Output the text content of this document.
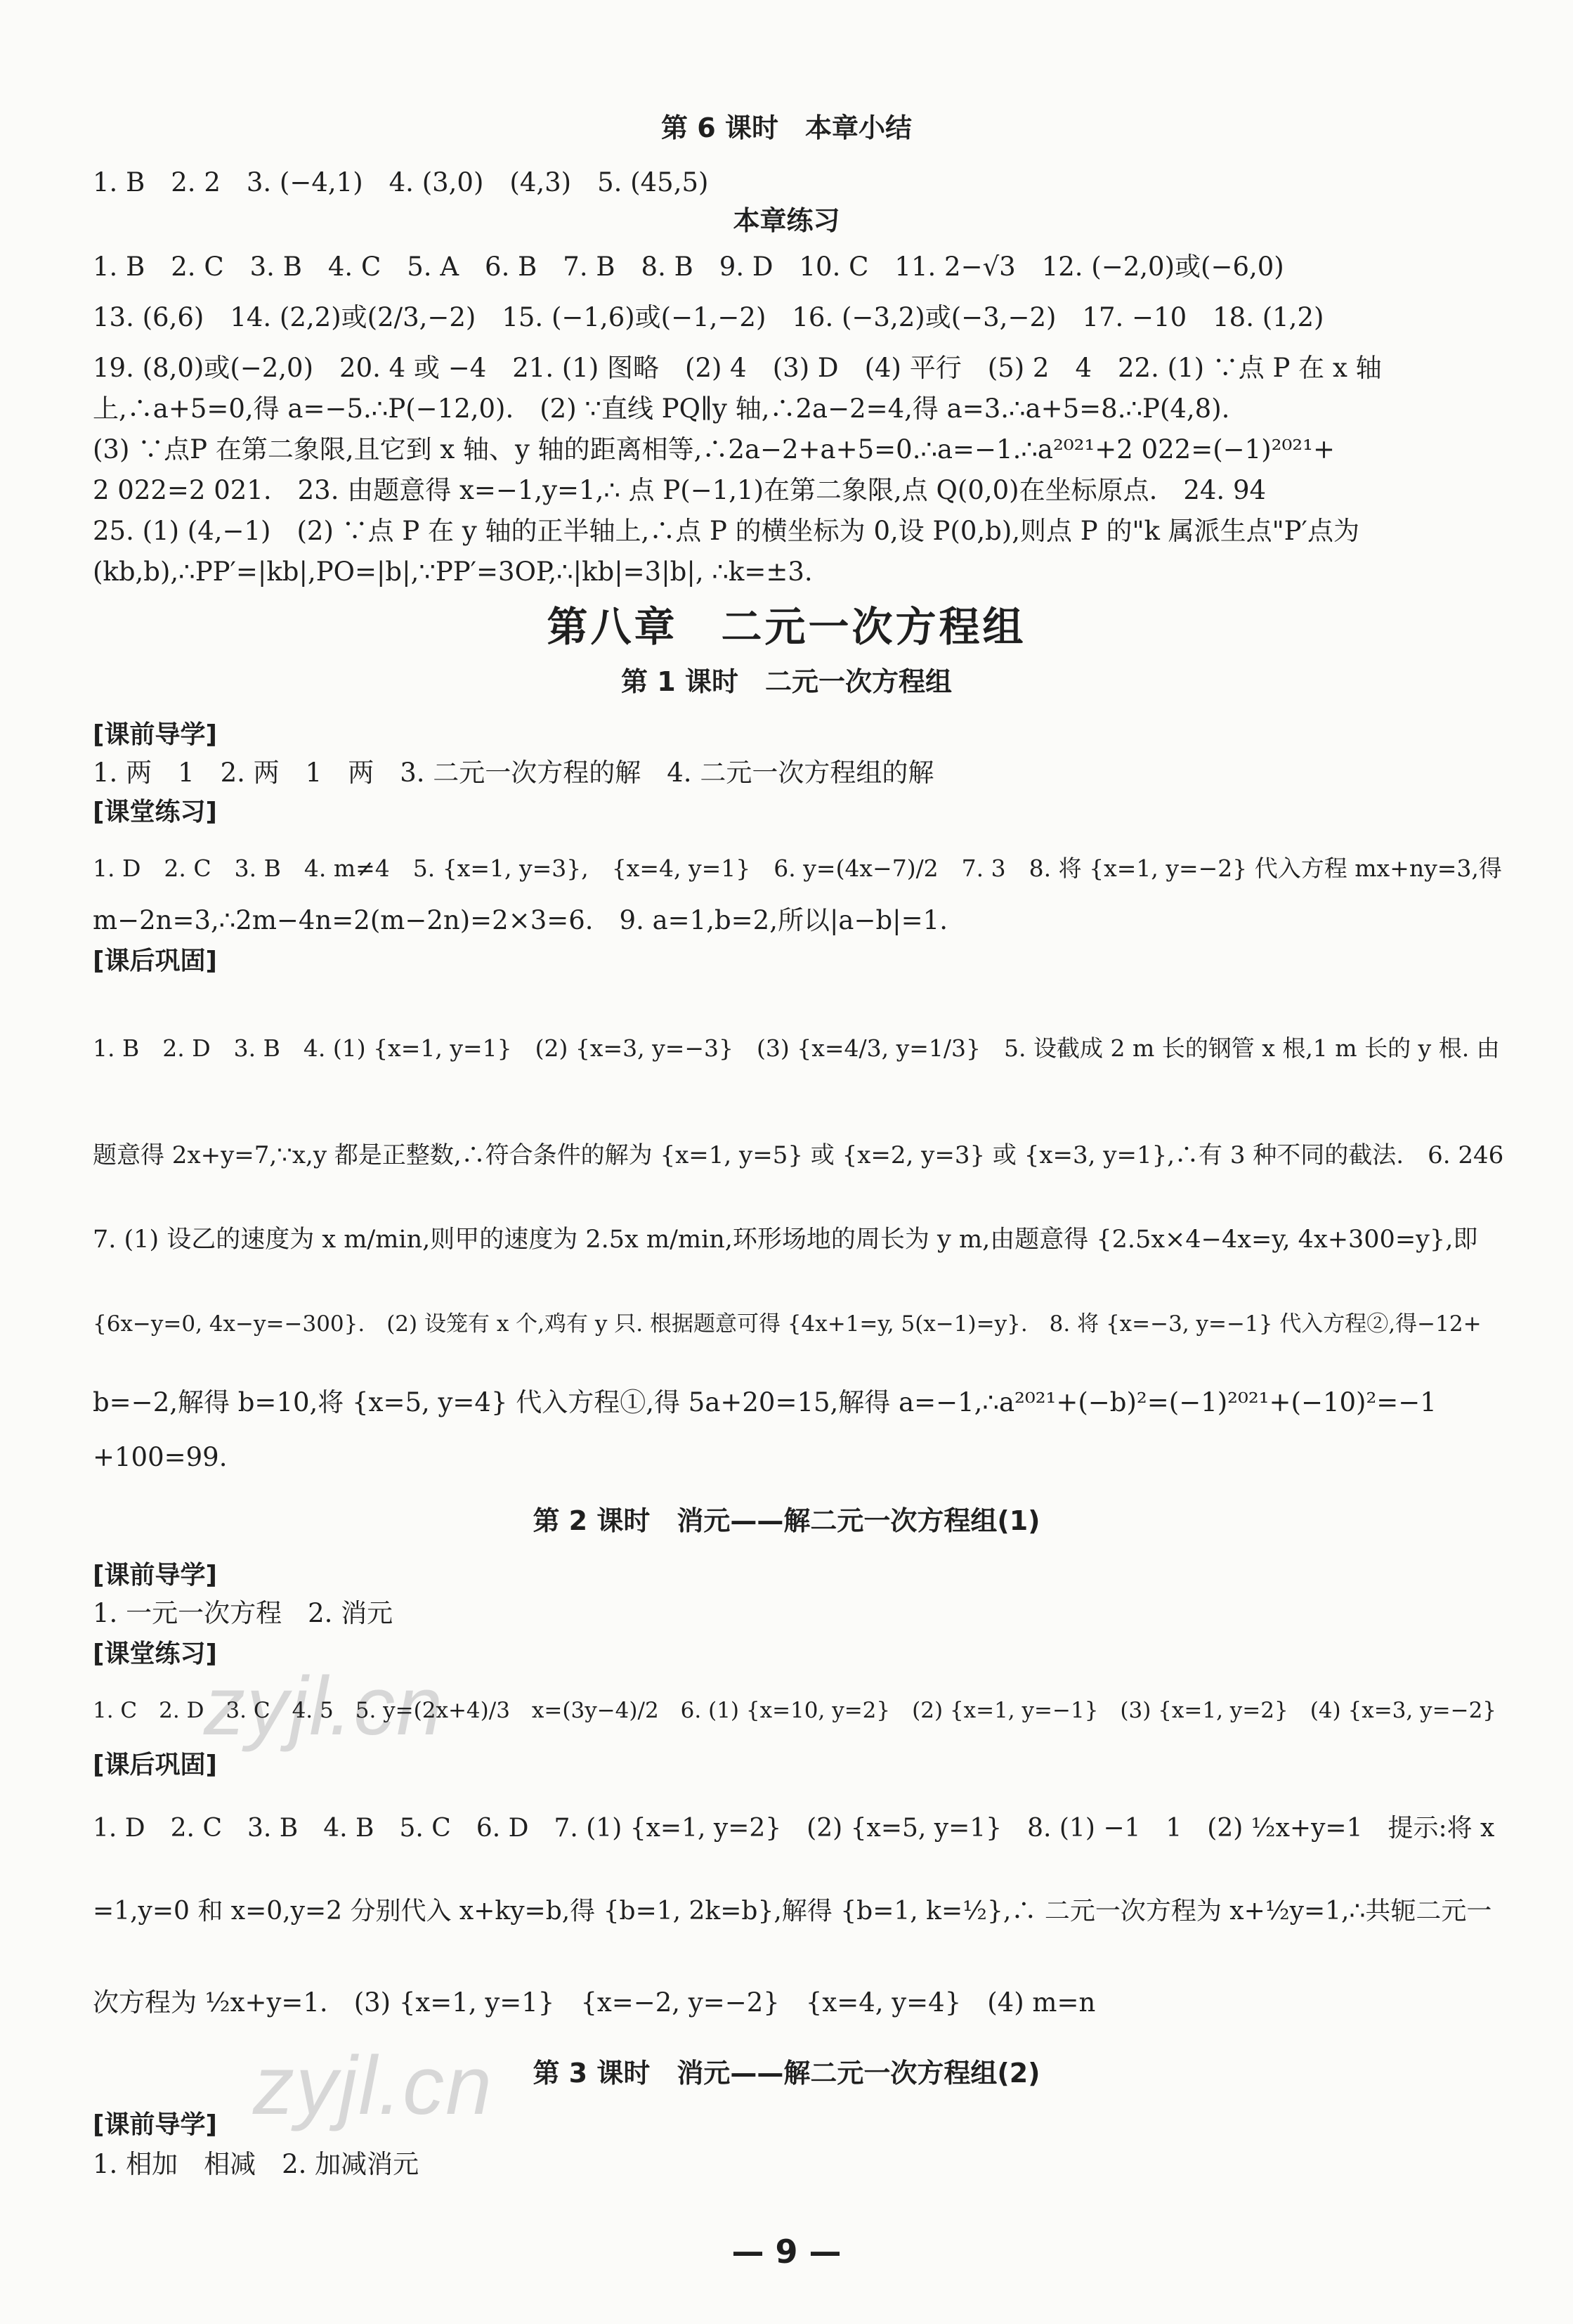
zyjl.cn
zyjl.cn
第 6 课时　本章小结
1. B　2. 2　3. (−4,1)　4. (3,0)　(4,3)　5. (45,5)
本章练习
1. B　2. C　3. B　4. C　5. A　6. B　7. B　8. B　9. D　10. C　11. 2−√3　12. (−2,0)或(−6,0)
13. (6,6)　14. (2,2)或(2/3,−2)　15. (−1,6)或(−1,−2)　16. (−3,2)或(−3,−2)　17. −10　18. (1,2)
19. (8,0)或(−2,0)　20. 4 或 −4　21. (1) 图略　(2) 4　(3) D　(4) 平行　(5) 2　4　22. (1) ∵点 P 在 x 轴
上,∴a+5=0,得 a=−5.∴P(−12,0).　(2) ∵直线 PQ∥y 轴,∴2a−2=4,得 a=3.∴a+5=8.∴P(4,8).
(3) ∵点P 在第二象限,且它到 x 轴、y 轴的距离相等,∴2a−2+a+5=0.∴a=−1.∴a²⁰²¹+2 022=(−1)²⁰²¹+
2 022=2 021.　23. 由题意得 x=−1,y=1,∴ 点 P(−1,1)在第二象限,点 Q(0,0)在坐标原点.　24. 94
25. (1) (4,−1)　(2) ∵点 P 在 y 轴的正半轴上,∴点 P 的横坐标为 0,设 P(0,b),则点 P 的"k 属派生点"P′点为
(kb,b),∴PP′=|kb|,PO=|b|,∵PP′=3OP,∴|kb|=3|b|, ∴k=±3.
第八章　二元一次方程组
第 1 课时　二元一次方程组
[课前导学]
1. 两　1　2. 两　1　两　3. 二元一次方程的解　4. 二元一次方程组的解
[课堂练习]
1. D　2. C　3. B　4. m≠4　5. {x=1, y=3},　{x=4, y=1}　6. y=(4x−7)/2　7. 3　8. 将 {x=1, y=−2} 代入方程 mx+ny=3,得
m−2n=3,∴2m−4n=2(m−2n)=2×3=6.　9. a=1,b=2,所以|a−b|=1.
[课后巩固]
1. B　2. D　3. B　4. (1) {x=1, y=1}　(2) {x=3, y=−3}　(3) {x=4/3, y=1/3}　5. 设截成 2 m 长的钢管 x 根,1 m 长的 y 根. 由
题意得 2x+y=7,∵x,y 都是正整数,∴符合条件的解为 {x=1, y=5} 或 {x=2, y=3} 或 {x=3, y=1},∴有 3 种不同的截法.　6. 246
7. (1) 设乙的速度为 x m/min,则甲的速度为 2.5x m/min,环形场地的周长为 y m,由题意得 {2.5x×4−4x=y, 4x+300=y},即
{6x−y=0, 4x−y=−300}.　(2) 设笼有 x 个,鸡有 y 只. 根据题意可得 {4x+1=y, 5(x−1)=y}.　8. 将 {x=−3, y=−1} 代入方程②,得−12+
b=−2,解得 b=10,将 {x=5, y=4} 代入方程①,得 5a+20=15,解得 a=−1,∴a²⁰²¹+(−b)²=(−1)²⁰²¹+(−10)²=−1
+100=99.
第 2 课时　消元——解二元一次方程组(1)
[课前导学]
1. 一元一次方程　2. 消元
[课堂练习]
1. C　2. D　3. C　4. 5　5. y=(2x+4)/3　x=(3y−4)/2　6. (1) {x=10, y=2}　(2) {x=1, y=−1}　(3) {x=1, y=2}　(4) {x=3, y=−2}
[课后巩固]
1. D　2. C　3. B　4. B　5. C　6. D　7. (1) {x=1, y=2}　(2) {x=5, y=1}　8. (1) −1　1　(2) ½x+y=1　提示:将 x
=1,y=0 和 x=0,y=2 分别代入 x+ky=b,得 {b=1, 2k=b},解得 {b=1, k=½},∴ 二元一次方程为 x+½y=1,∴共轭二元一
次方程为 ½x+y=1.　(3) {x=1, y=1}　{x=−2, y=−2}　{x=4, y=4}　(4) m=n
第 3 课时　消元——解二元一次方程组(2)
[课前导学]
1. 相加　相减　2. 加减消元
— 9 —
